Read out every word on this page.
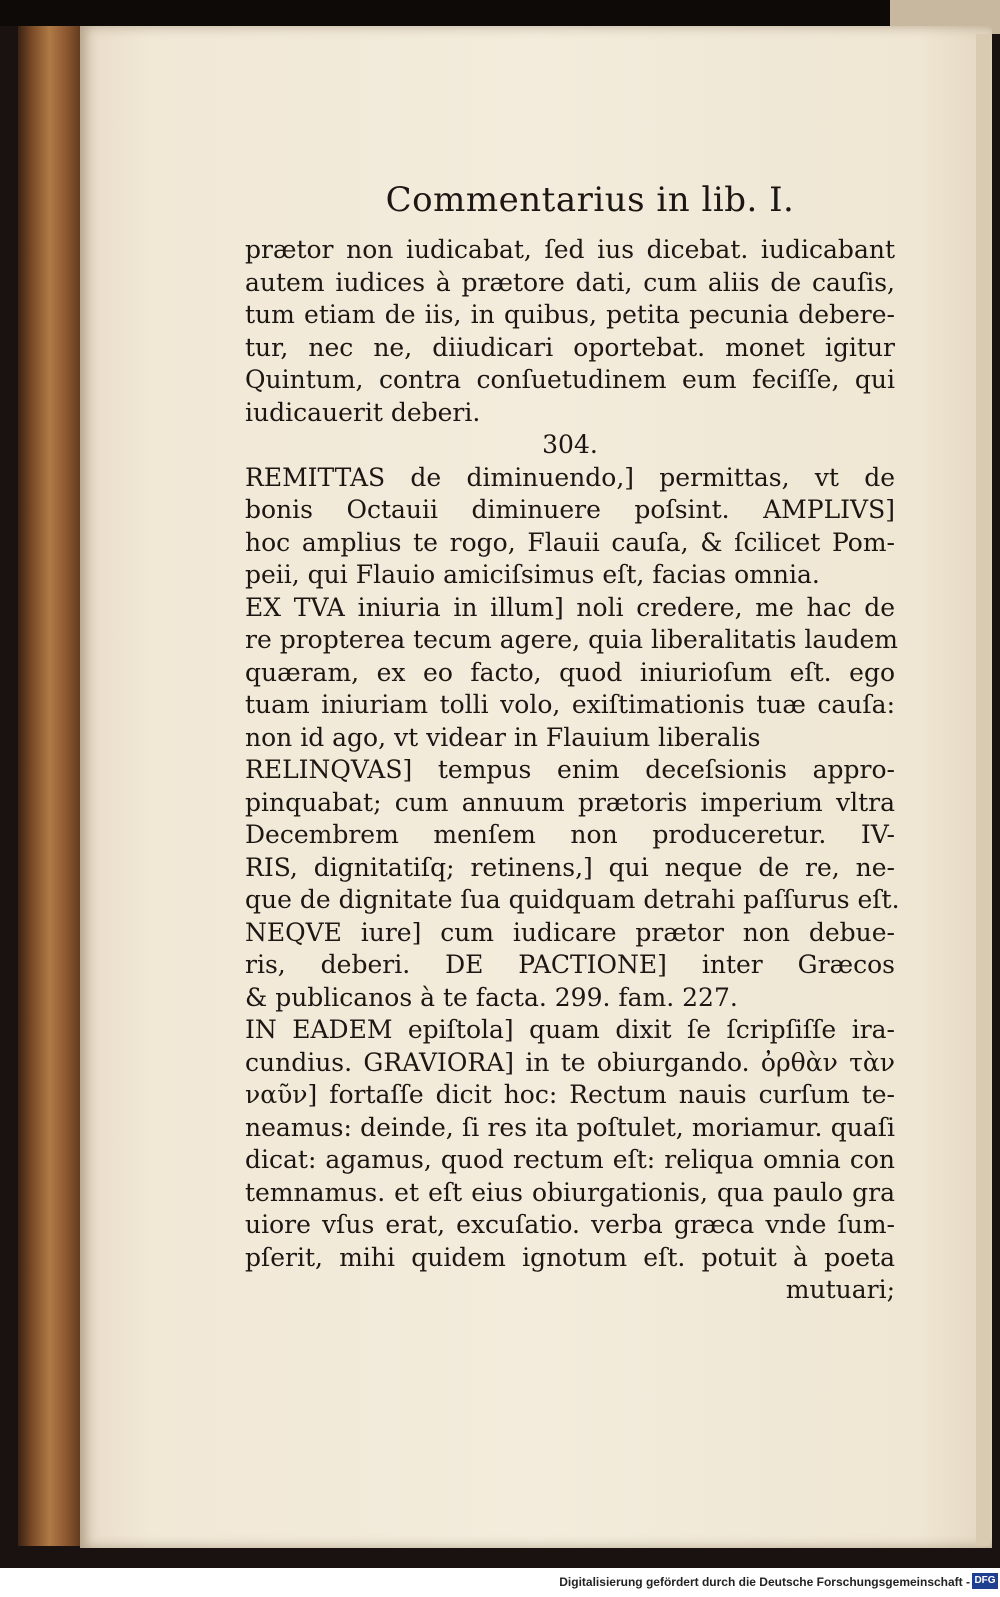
Commentarius in lib. I.
prætor non iudicabat, ſed ius dicebat. iudicabant
autem iudices à prætore dati, cum aliis de cauſis,
tum etiam de iis, in quibus, petita pecunia debere-
tur, nec ne, diiudicari oportebat. monet igitur
Quintum, contra conſuetudinem eum feciſſe, qui
iudicauerit deberi.
304.
REMITTAS de diminuendo,] permittas, vt de
bonis Octauii diminuere poſsint. AMPLIVS]
hoc amplius te rogo, Flauii cauſa, & ſcilicet Pom-
peii, qui Flauio amiciſsimus eſt, facias omnia.
EX TVA iniuria in illum] noli credere, me hac de
re propterea tecum agere, quia liberalitatis laudem
quæram, ex eo facto, quod iniurioſum eſt. ego
tuam iniuriam tolli volo, exiſtimationis tuæ cauſa:
non id ago, vt videar in Flauium liberalis
RELINQVAS] tempus enim deceſsionis appro-
pinquabat; cum annuum prætoris imperium vltra
Decembrem menſem non produceretur. IV-
RIS, dignitatiſq; retinens,] qui neque de re, ne-
que de dignitate ſua quidquam detrahi paſſurus eſt.
NEQVE iure] cum iudicare prætor non debue-
ris, deberi. DE PACTIONE] inter Græcos
& publicanos à te facta. 299. fam. 227.
IN EADEM epiſtola] quam dixit ſe ſcripſiſſe ira-
cundius. GRAVIORA] in te obiurgando. ὀρθὰν τὰν
ναῦν] fortaſſe dicit hoc: Rectum nauis curſum te-
neamus: deinde, ſi res ita poſtulet, moriamur. quaſi
dicat: agamus, quod rectum eſt: reliqua omnia con
temnamus. et eſt eius obiurgationis, qua paulo gra
uiore vſus erat, excuſatio. verba græca vnde ſum-
pſerit, mihi quidem ignotum eſt. potuit à poeta
mutuari;
Digitalisierung gefördert durch die Deutsche Forschungsgemeinschaft - DFG
